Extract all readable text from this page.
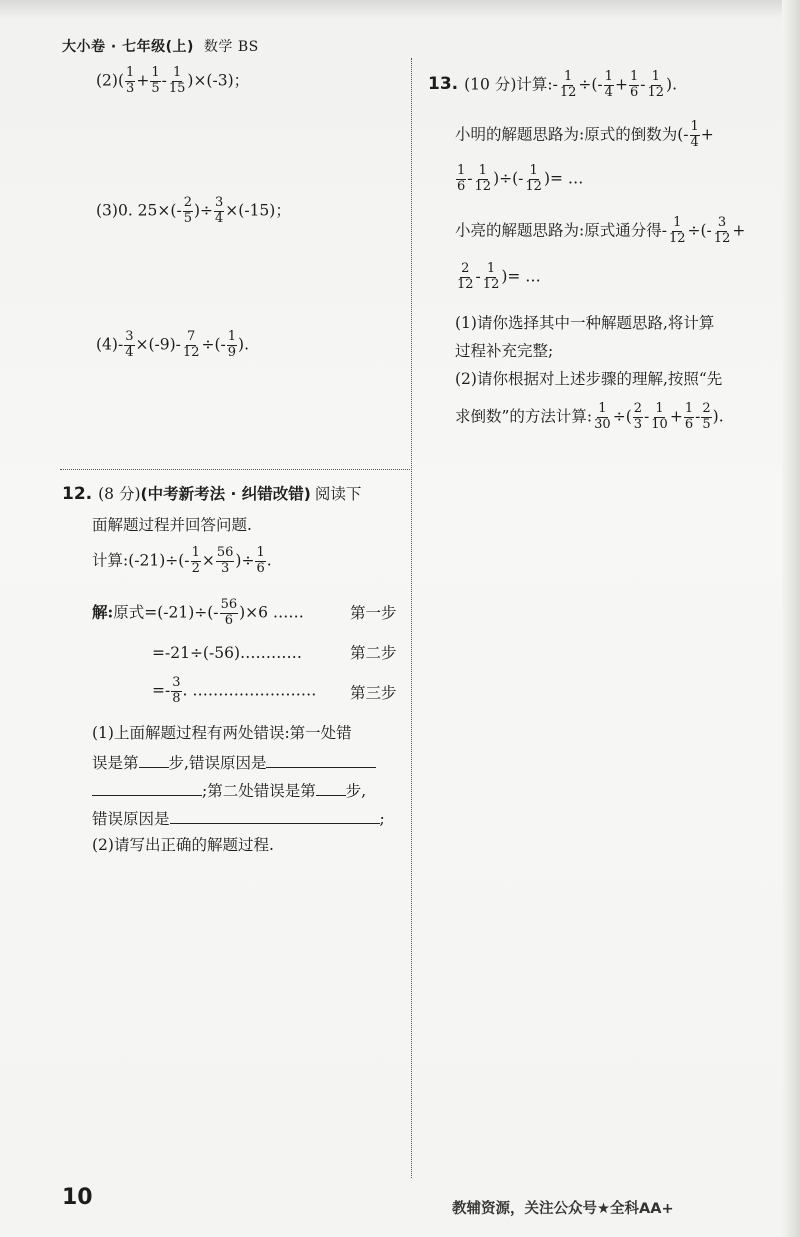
大小卷 · 七年级(上) 数学 BS
$(2)( \frac{1}{3} + \frac{1}{5} - \frac{1}{15} )\times(-3)$；
(3)0. $25\times(- \frac{2}{5}$ )÷ $\frac{3}{4} \times(-15)$；
$(4)- \frac{3}{4} \times(-9)- \frac{7}{12}$ ÷(- $\frac{1}{9}$ ).
12. (8 分)(中考新考法 · 纠错改错) 阅读下
面解题过程并回答问题.
计算:(-21)÷(- $\frac{1}{2} \times \frac{56}{3}$ )÷ $\frac{1}{6}$ .
解:原式$=(-21)\div(- \frac{56}{6} )\times 6$ ……	第一步
=-21÷(-56)…………	第二步
=- $\frac{3}{8}$ . …………………… 第三步
(1)上面解题过程有两处错误:第一处错
误是第 步,错误原因是
;第二处错误是第 步,
错误原因是	;
(2)请写出正确的解题过程.
13. (10 分)计算:- $\frac{1}{12}$ ÷(- $\frac{1}{4} + \frac{1}{6} - \frac{1}{12}$ ).
小明的解题思路为:原式的倒数为(- $\frac{1}{4}$ +
$\frac{1}{6} - \frac{1}{12}$ )÷(- $\frac{1}{12}$ )= …
小亮的解题思路为:原式通分得- $\frac{1}{12}$ ÷(- $\frac{3}{12}$ +
$\frac{2}{12} - \frac{1}{12}$ )= …
(1)请你选择其中一种解题思路,将计算
过程补充完整;
(2)请你根据对上述步骤的理解,按照“先
求倒数”的方法计算: $\frac{1}{30}$ ÷( $\frac{2}{3} - \frac{1}{10} + \frac{1}{6} - \frac{2}{5}$ ).
10	教辅资源，关注公众号★全科AA+
